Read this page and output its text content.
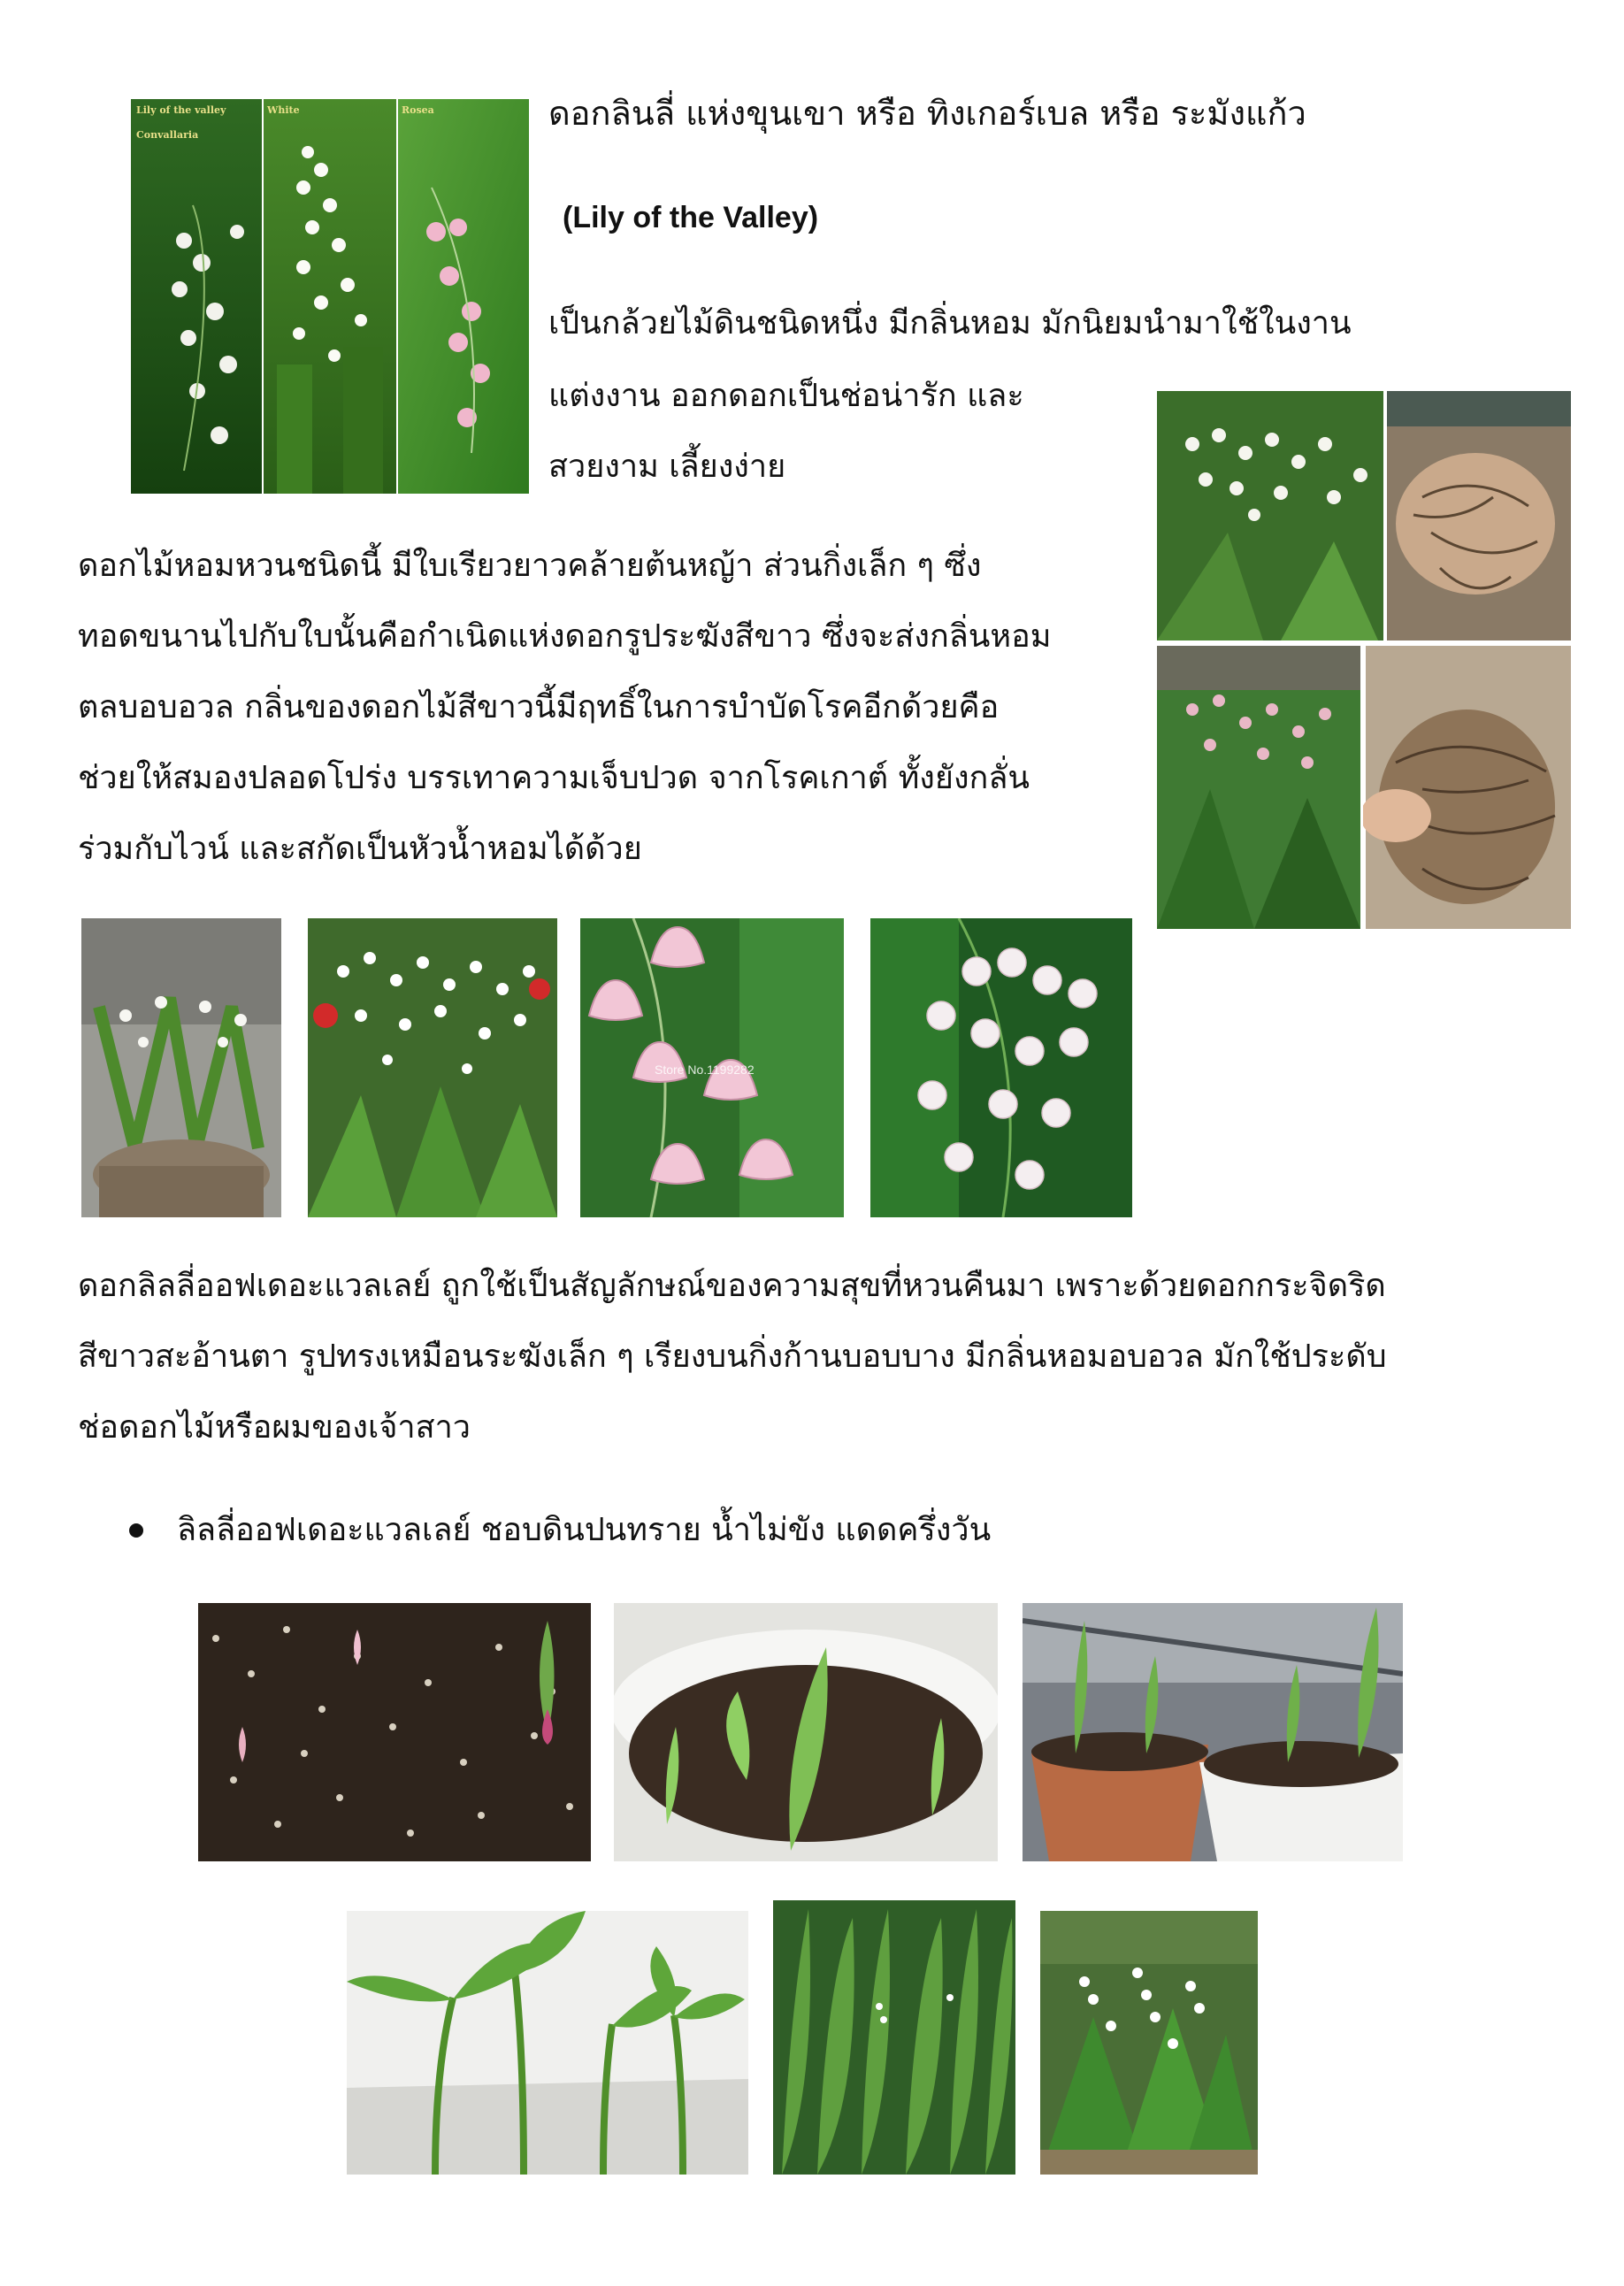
Lily of the valley
Convallaria
White	Rosea	ดอกลินลี่ แห่งขุนเขา หรือ ทิงเกอร์เบล หรือ ระมังแก้ว
(Lily of the Valley)
เป็นกล้วยไม้ดินชนิดหนึ่ง มีกลิ่นหอม มักนิยมนำมาใช้ในงาน
แต่งงาน ออกดอกเป็นช่อน่ารัก และ
สวยงาม เลี้ยงง่าย
ดอกไม้หอมหวนชนิดนี้ มีใบเรียวยาวคล้ายต้นหญ้า ส่วนกิ่งเล็ก ๆ ซึ่ง
ทอดขนานไปกับใบนั้นคือกำเนิดแห่งดอกรูประฆังสีขาว ซึ่งจะส่งกลิ่นหอม
ตลบอบอวล กลิ่นของดอกไม้สีขาวนี้มีฤทธิ์ในการบำบัดโรคอีกด้วยคือ
ช่วยให้สมองปลอดโปร่ง บรรเทาความเจ็บปวด จากโรคเกาต์ ทั้งยังกลั่น
ร่วมกับไวน์ และสกัดเป็นหัวน้ำหอมได้ด้วย
Store No.1199282
ดอกลิลลี่ออฟเดอะแวลเลย์ ถูกใช้เป็นสัญลักษณ์ของความสุขที่หวนคืนมา เพราะด้วยดอกกระจิดริด
สีขาวสะอ้านตา รูปทรงเหมือนระฆังเล็ก ๆ เรียงบนกิ่งก้านบอบบาง มีกลิ่นหอมอบอวล มักใช้ประดับ
ช่อดอกไม้หรือผมของเจ้าสาว
ลิลลี่ออฟเดอะแวลเลย์ ชอบดินปนทราย น้ำไม่ขัง แดดครึ่งวัน
